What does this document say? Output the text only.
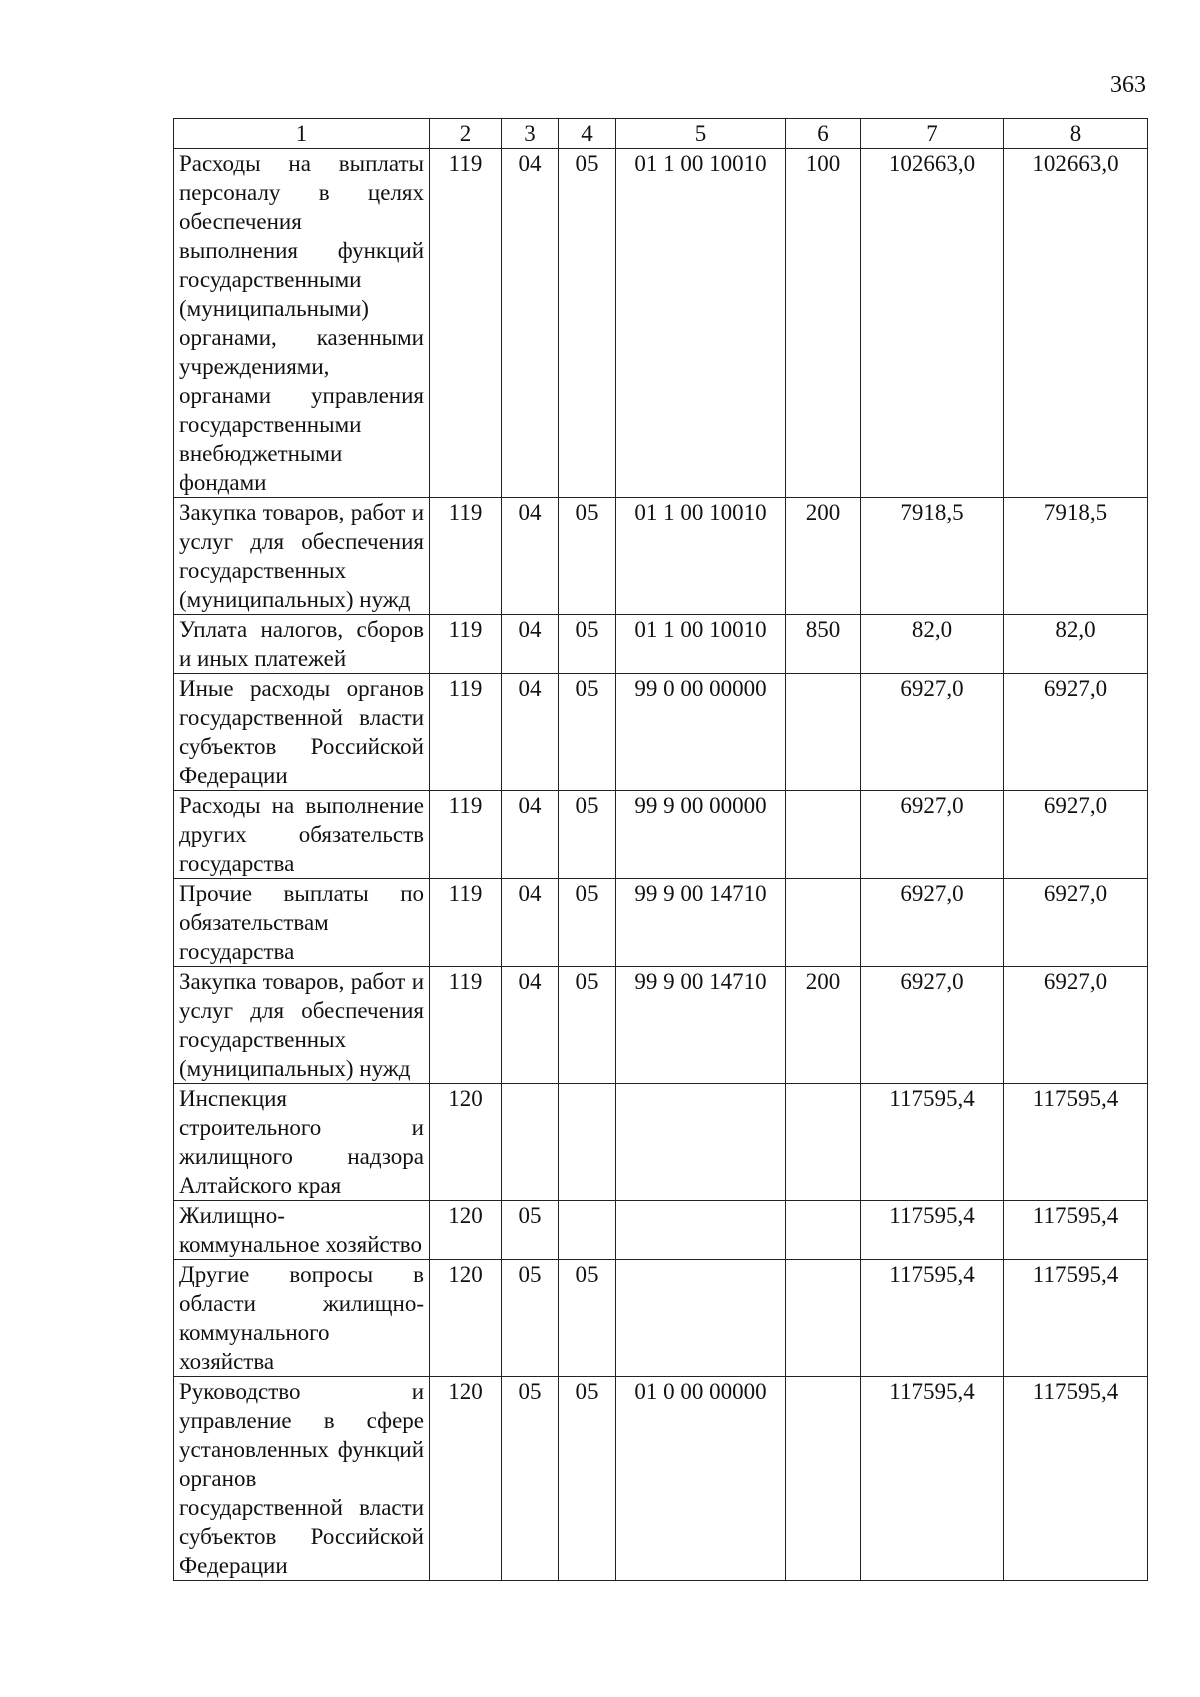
363
1	2	3	4	5	6	7	8
Расходы на выплаты персоналу в целях обеспечения выполнения функций государственными (муниципальными) органами, казенными учреждениями, органами управления государственными внебюджетными фондами	119	04	05	01 1 00 10010	100	102663,0	102663,0
Закупка товаров, работ и услуг для обеспечения государственных (муниципальных) нужд	119	04	05	01 1 00 10010	200	7918,5	7918,5
Уплата налогов, сборов и иных платежей	119	04	05	01 1 00 10010	850	82,0	82,0
Иные расходы органов государственной власти субъектов Российской Федерации	119	04	05	99 0 00 00000		6927,0	6927,0
Расходы на выполнение других обязательств государства	119	04	05	99 9 00 00000		6927,0	6927,0
Прочие выплаты по обязательствам государства	119	04	05	99 9 00 14710		6927,0	6927,0
Закупка товаров, работ и услуг для обеспечения государственных (муниципальных) нужд	119	04	05	99 9 00 14710	200	6927,0	6927,0
Инспекция строительного и жилищного надзора Алтайского края	120					117595,4	117595,4
Жилищно-коммунальное хозяйство	120	05				117595,4	117595,4
Другие вопросы в области жилищно-коммунального хозяйства	120	05	05			117595,4	117595,4
Руководство и управление в сфере установленных функций органов государственной власти субъектов Российской Федерации	120	05	05	01 0 00 00000		117595,4	117595,4
